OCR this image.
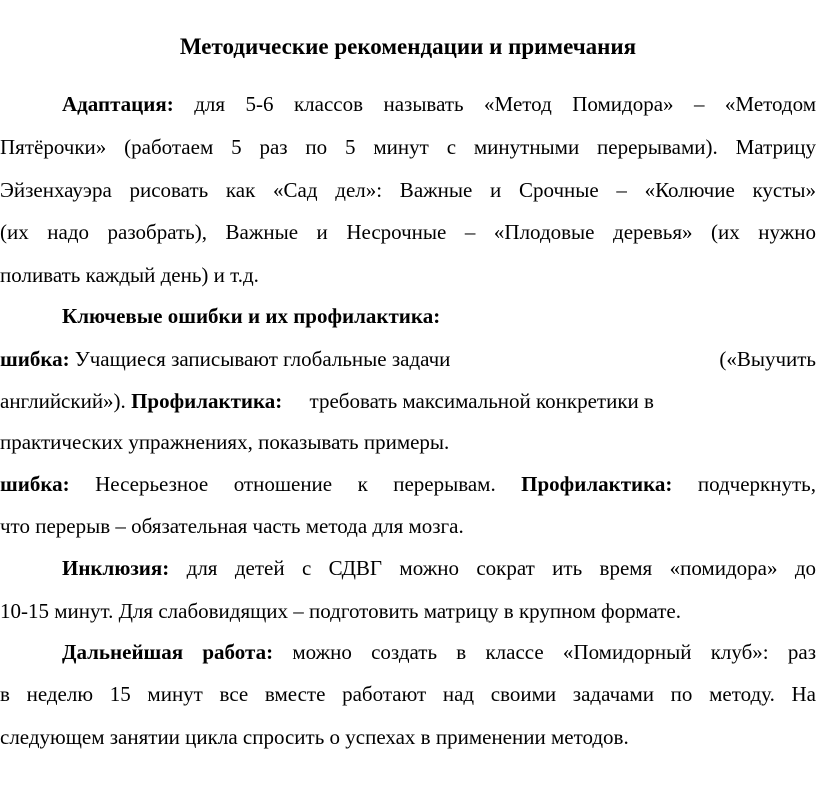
Методические рекомендации и примечания
Адаптация: для 5-6 классов называть «Метод Помидора» – «Методом
Пятёрочки» (работаем 5 раз по 5 минут с минутными перерывами). Матрицу
Эйзенхауэра рисовать как «Сад дел»: Важные и Срочные – «Колючие кусты»
(их надо разобрать), Важные и Несрочные – «Плодовые деревья» (их нужно
поливать каждый день) и т.д.
Ключевые ошибки и их профилактика:
шибка: Учащиеся записывают глобальные задачи	(«Выучить
английский»). Профилактика: требовать максимальной конкретики в
практических упражнениях, показывать примеры.
шибка: Несерьезное отношение к перерывам. Профилактика: подчеркнуть,
что перерыв – обязательная часть метода для мозга.
Инклюзия: для детей с СДВГ можно сократ ить время «помидора» до
10-15 минут. Для слабовидящих – подготовить матрицу в крупном формате.
Дальнейшая работа: можно создать в классе «Помидорный клуб»: раз
в неделю 15 минут все вместе работают над своими задачами по методу. На
следующем занятии цикла спросить о успехах в применении методов.
